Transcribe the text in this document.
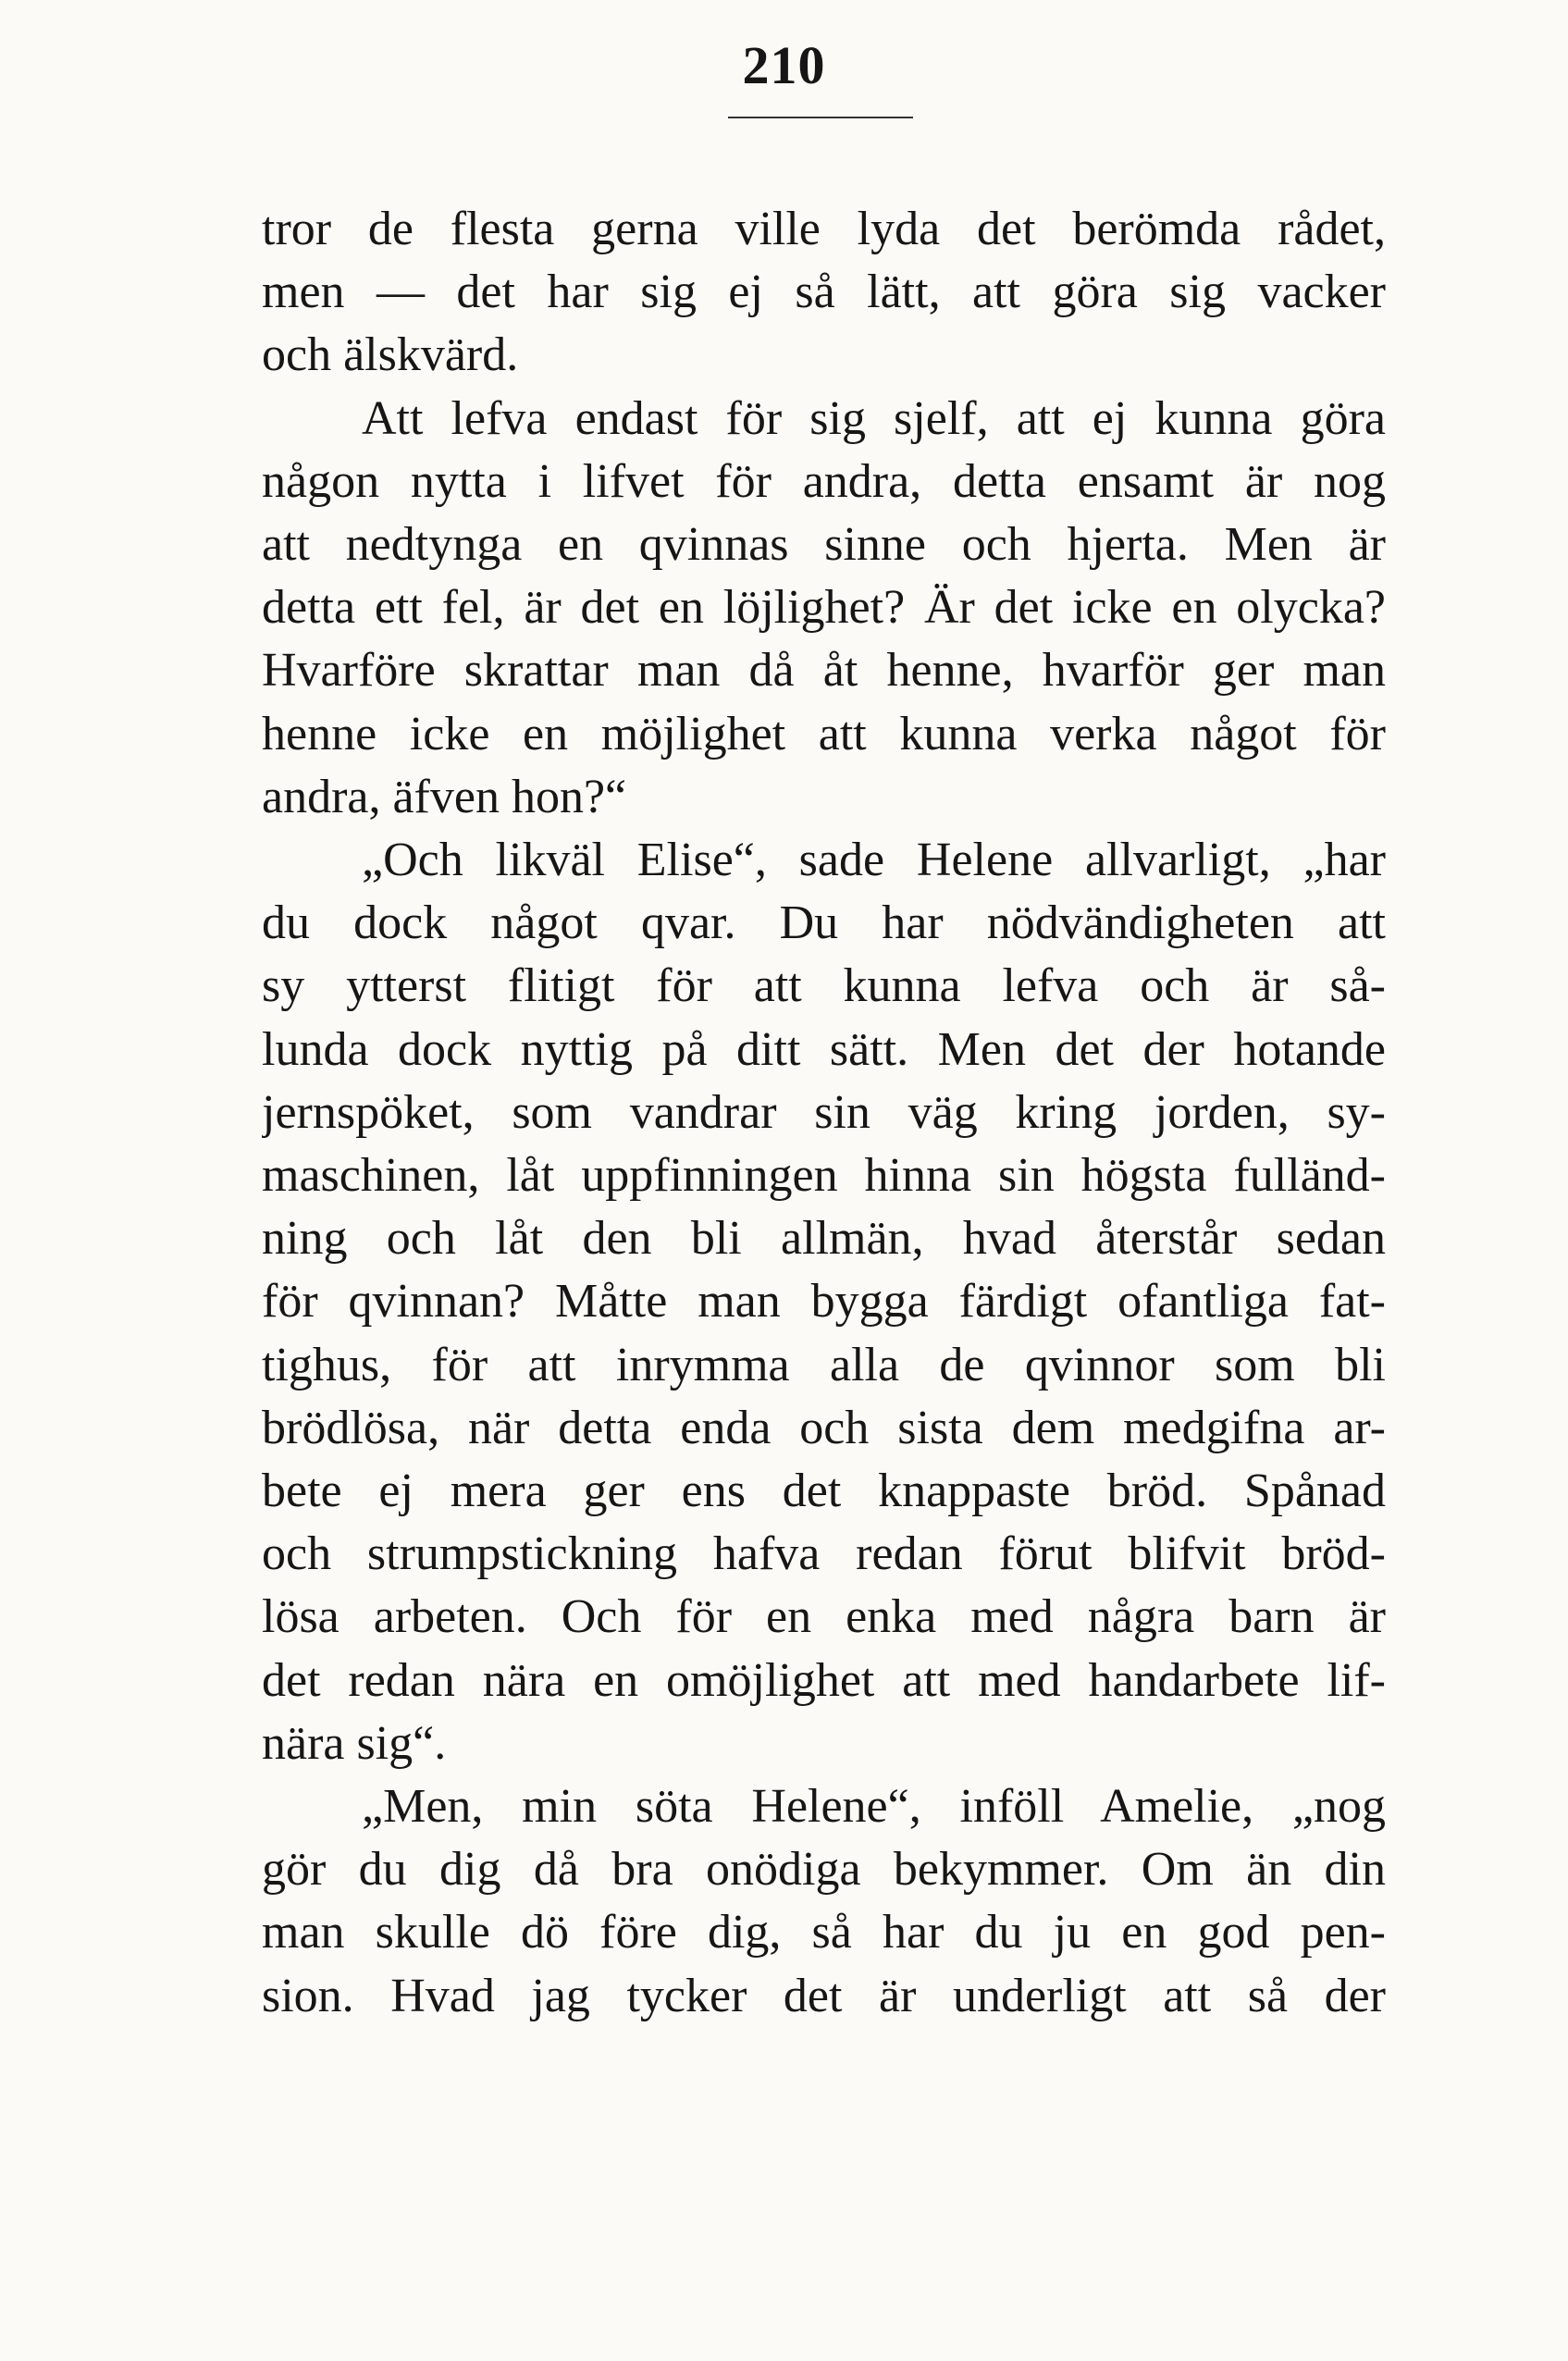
210
tror de flesta gerna ville lyda det berömda rådet,
men — det har sig ej så lätt, att göra sig vacker
och älskvärd.
Att lefva endast för sig sjelf, att ej kunna göra
någon nytta i lifvet för andra, detta ensamt är nog
att nedtynga en qvinnas sinne och hjerta. Men är
detta ett fel, är det en löjlighet? Är det icke en olycka?
Hvarföre skrattar man då åt henne, hvarför ger man
henne icke en möjlighet att kunna verka något för
andra, äfven hon?“
„Och likväl Elise“, sade Helene allvarligt, „har
du dock något qvar. Du har nödvändigheten att
sy ytterst flitigt för att kunna lefva och är så-
lunda dock nyttig på ditt sätt. Men det der hotande
jernspöket, som vandrar sin väg kring jorden, sy-
maschinen, låt uppfinningen hinna sin högsta fulländ-
ning och låt den bli allmän, hvad återstår sedan
för qvinnan? Måtte man bygga färdigt ofantliga fat-
tighus, för att inrymma alla de qvinnor som bli
brödlösa, när detta enda och sista dem medgifna ar-
bete ej mera ger ens det knappaste bröd. Spånad
och strumpstickning hafva redan förut blifvit bröd-
lösa arbeten. Och för en enka med några barn är
det redan nära en omöjlighet att med handarbete lif-
nära sig“.
„Men, min söta Helene“, inföll Amelie, „nog
gör du dig då bra onödiga bekymmer. Om än din
man skulle dö före dig, så har du ju en god pen-
sion. Hvad jag tycker det är underligt att så der
